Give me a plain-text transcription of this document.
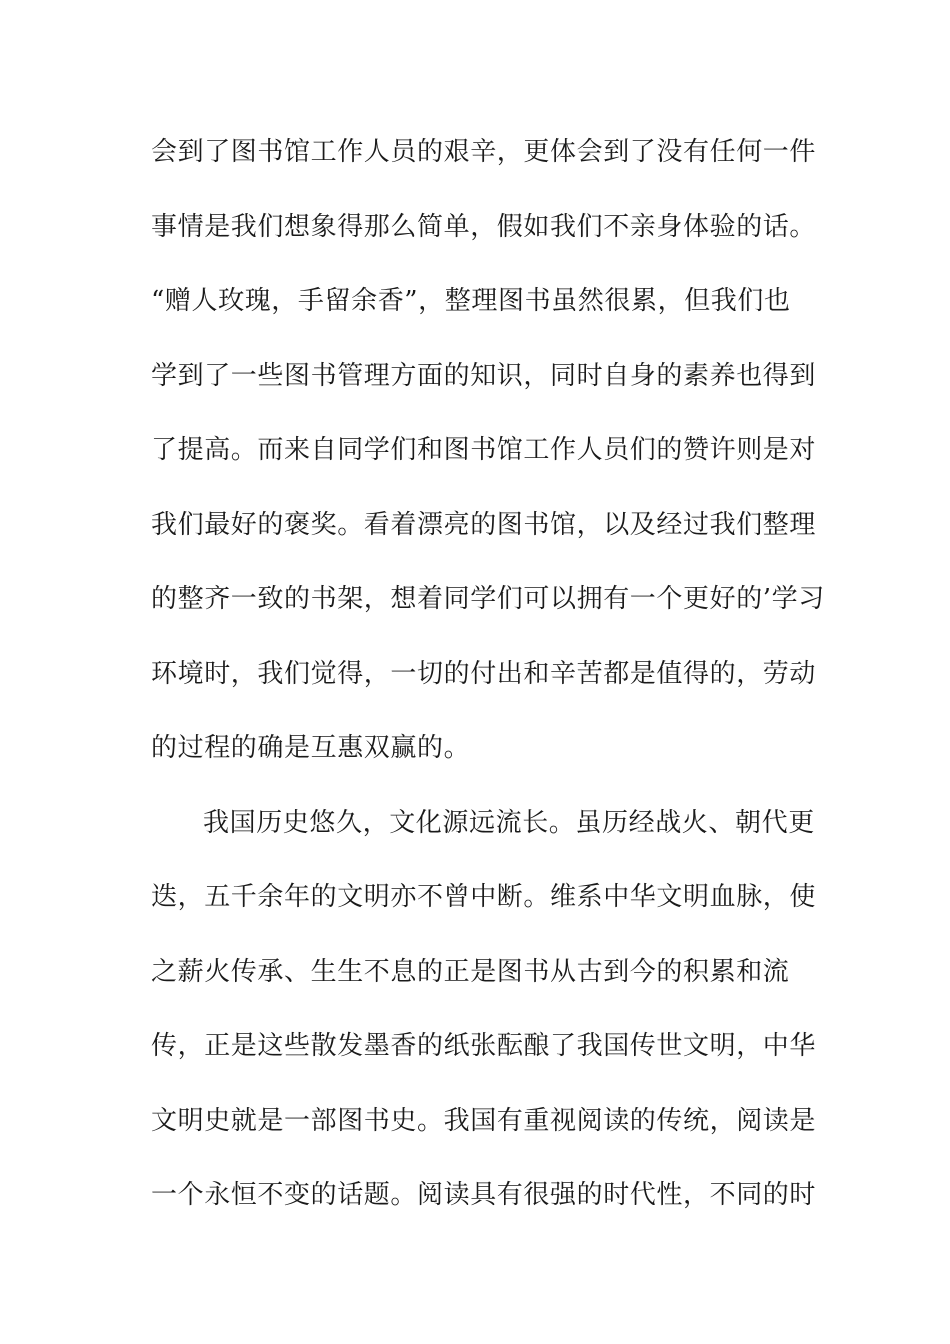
会到了图书馆工作人员的艰辛，更体会到了没有任何一件
事情是我们想象得那么简单，假如我们不亲身体验的话。
“赠人玫瑰，手留余香”，整理图书虽然很累，但我们也
学到了一些图书管理方面的知识，同时自身的素养也得到
了提高。而来自同学们和图书馆工作人员们的赞许则是对
我们最好的褒奖。看着漂亮的图书馆，以及经过我们整理
的整齐一致的书架，想着同学们可以拥有一个更好的’学习
环境时，我们觉得，一切的付出和辛苦都是值得的，劳动
的过程的确是互惠双赢的。
我国历史悠久，文化源远流长。虽历经战火、朝代更
迭，五千余年的文明亦不曾中断。维系中华文明血脉，使
之薪火传承、生生不息的正是图书从古到今的积累和流
传，正是这些散发墨香的纸张酝酿了我国传世文明，中华
文明史就是一部图书史。我国有重视阅读的传统，阅读是
一个永恒不变的话题。阅读具有很强的时代性，不同的时
